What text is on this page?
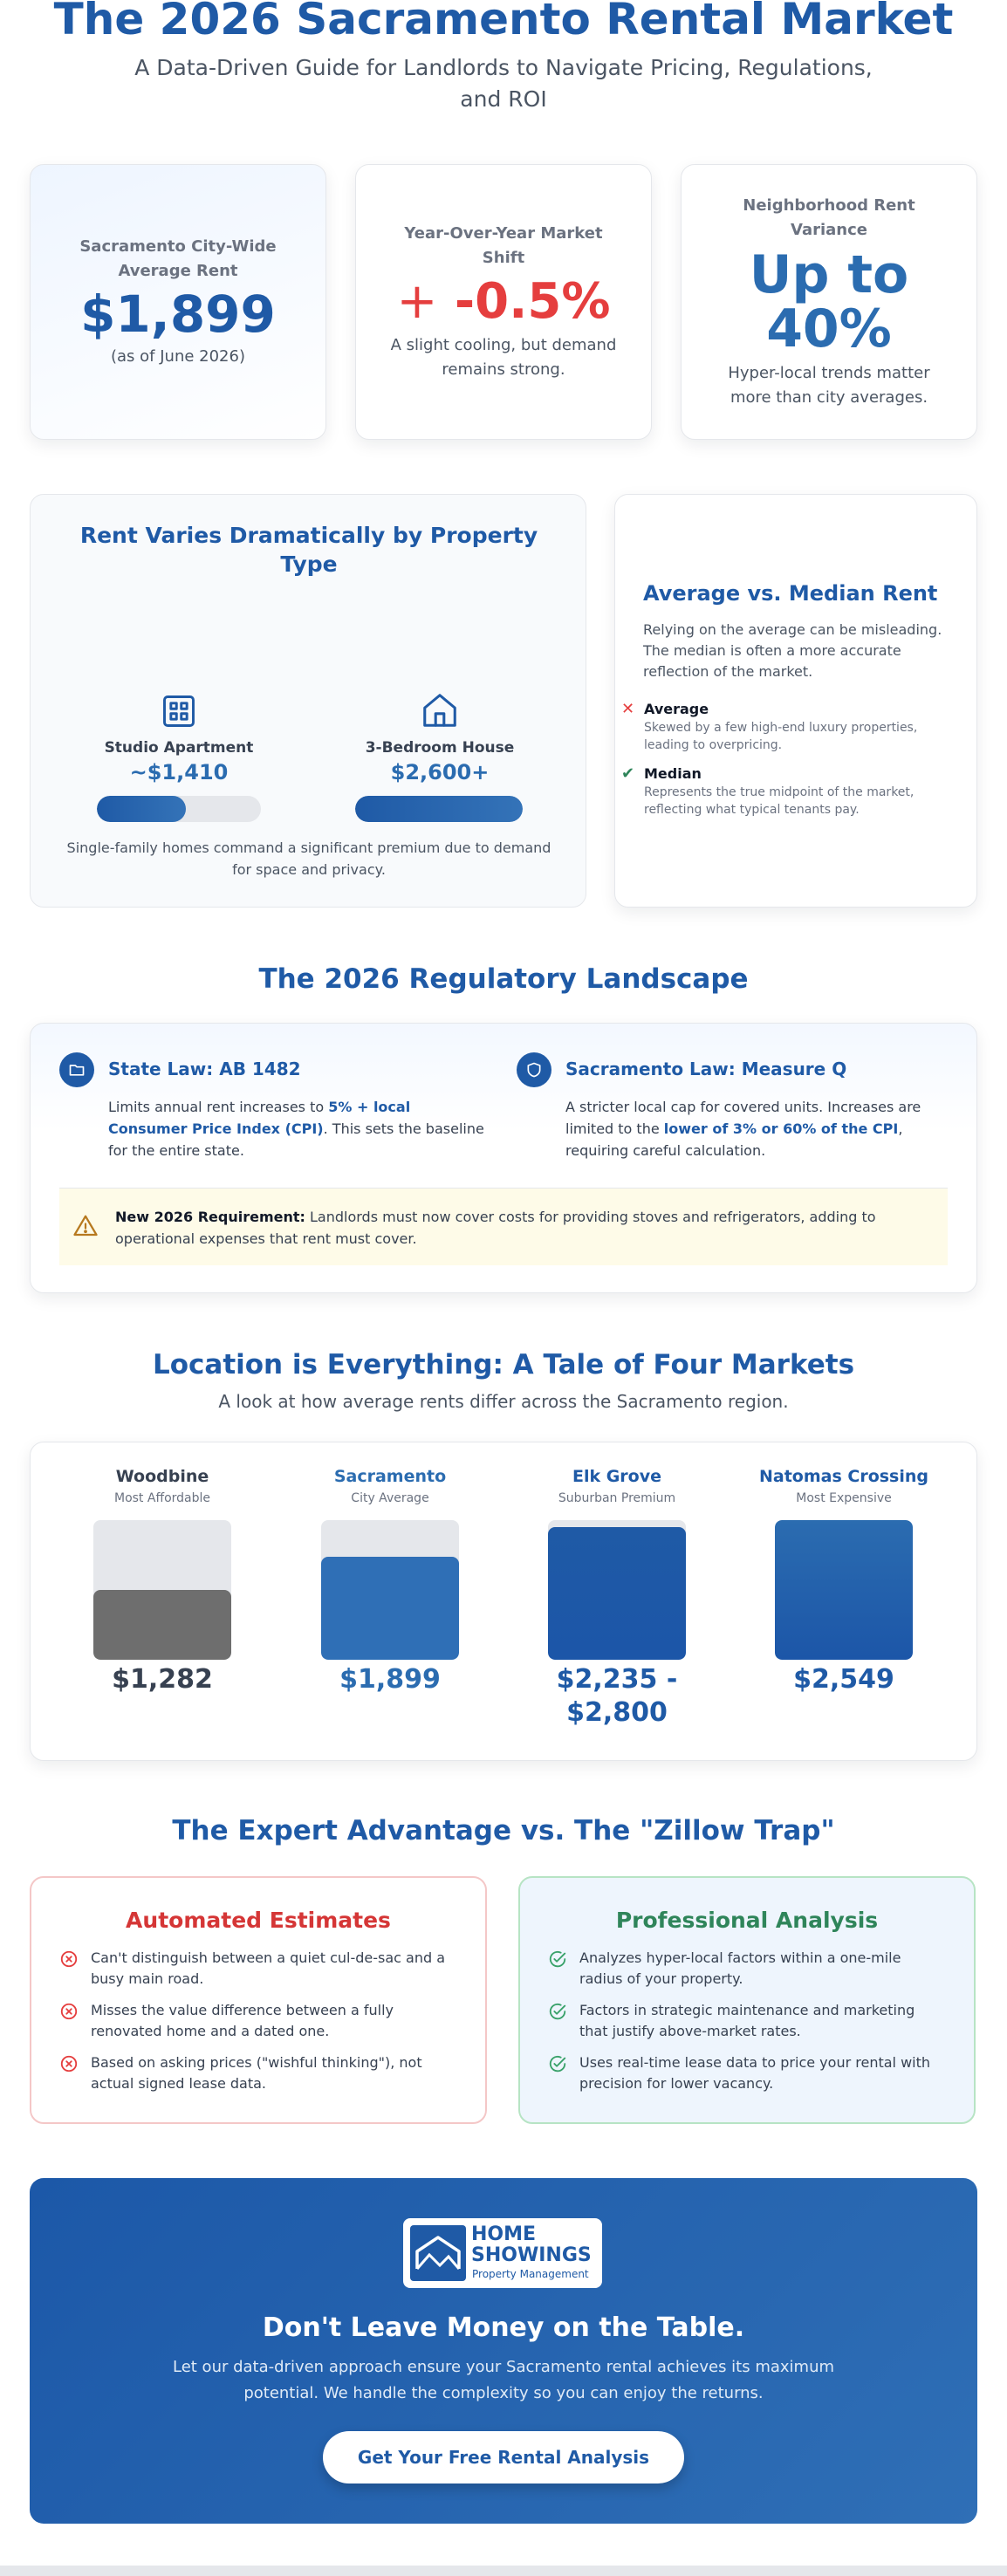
The 2026 Sacramento Rental Market
A Data-Driven Guide for Landlords to Navigate Pricing, Regulations, and ROI
Sacramento City-Wide Average Rent
$1,899
(as of June 2026)
Year-Over-Year Market Shift
+ -0.5%
A slight cooling, but demand remains strong.
Neighborhood Rent Variance
Up to 40%
Hyper-local trends matter more than city averages.
Rent Varies Dramatically by Property Type
Studio Apartment
~$1,410
3-Bedroom House
$2,600+
Single-family homes command a significant premium due to demand for space and privacy.
Average vs. Median Rent
Relying on the average can be misleading. The median is often a more accurate reflection of the market.
✕ Average
Skewed by a few high-end luxury properties, leading to overpricing.
✔ Median
Represents the true midpoint of the market, reflecting what typical tenants pay.
The 2026 Regulatory Landscape
State Law: AB 1482
Limits annual rent increases to 5% + local Consumer Price Index (CPI). This sets the baseline for the entire state.
Sacramento Law: Measure Q
A stricter local cap for covered units. Increases are limited to the lower of 3% or 60% of the CPI, requiring careful calculation.
New 2026 Requirement: Landlords must now cover costs for providing stoves and refrigerators, adding to operational expenses that rent must cover.
Location is Everything: A Tale of Four Markets
A look at how average rents differ across the Sacramento region.
Woodbine
Most Affordable
$1,282
Sacramento
City Average
$1,899
Elk Grove
Suburban Premium
$2,235 -
$2,800
Natomas Crossing
Most Expensive
$2,549
The Expert Advantage vs. The "Zillow Trap"
Automated Estimates
Can't distinguish between a quiet cul-de-sac and a busy main road.
Misses the value difference between a fully renovated home and a dated one.
Based on asking prices ("wishful thinking"), not actual signed lease data.
Professional Analysis
Analyzes hyper-local factors within a one-mile radius of your property.
Factors in strategic maintenance and marketing that justify above-market rates.
Uses real-time lease data to price your rental with precision for lower vacancy.
HOME
SHOWINGS
Property Management
Don't Leave Money on the Table.
Let our data-driven approach ensure your Sacramento rental achieves its maximum potential. We handle the complexity so you can enjoy the returns.
Get Your Free Rental Analysis
